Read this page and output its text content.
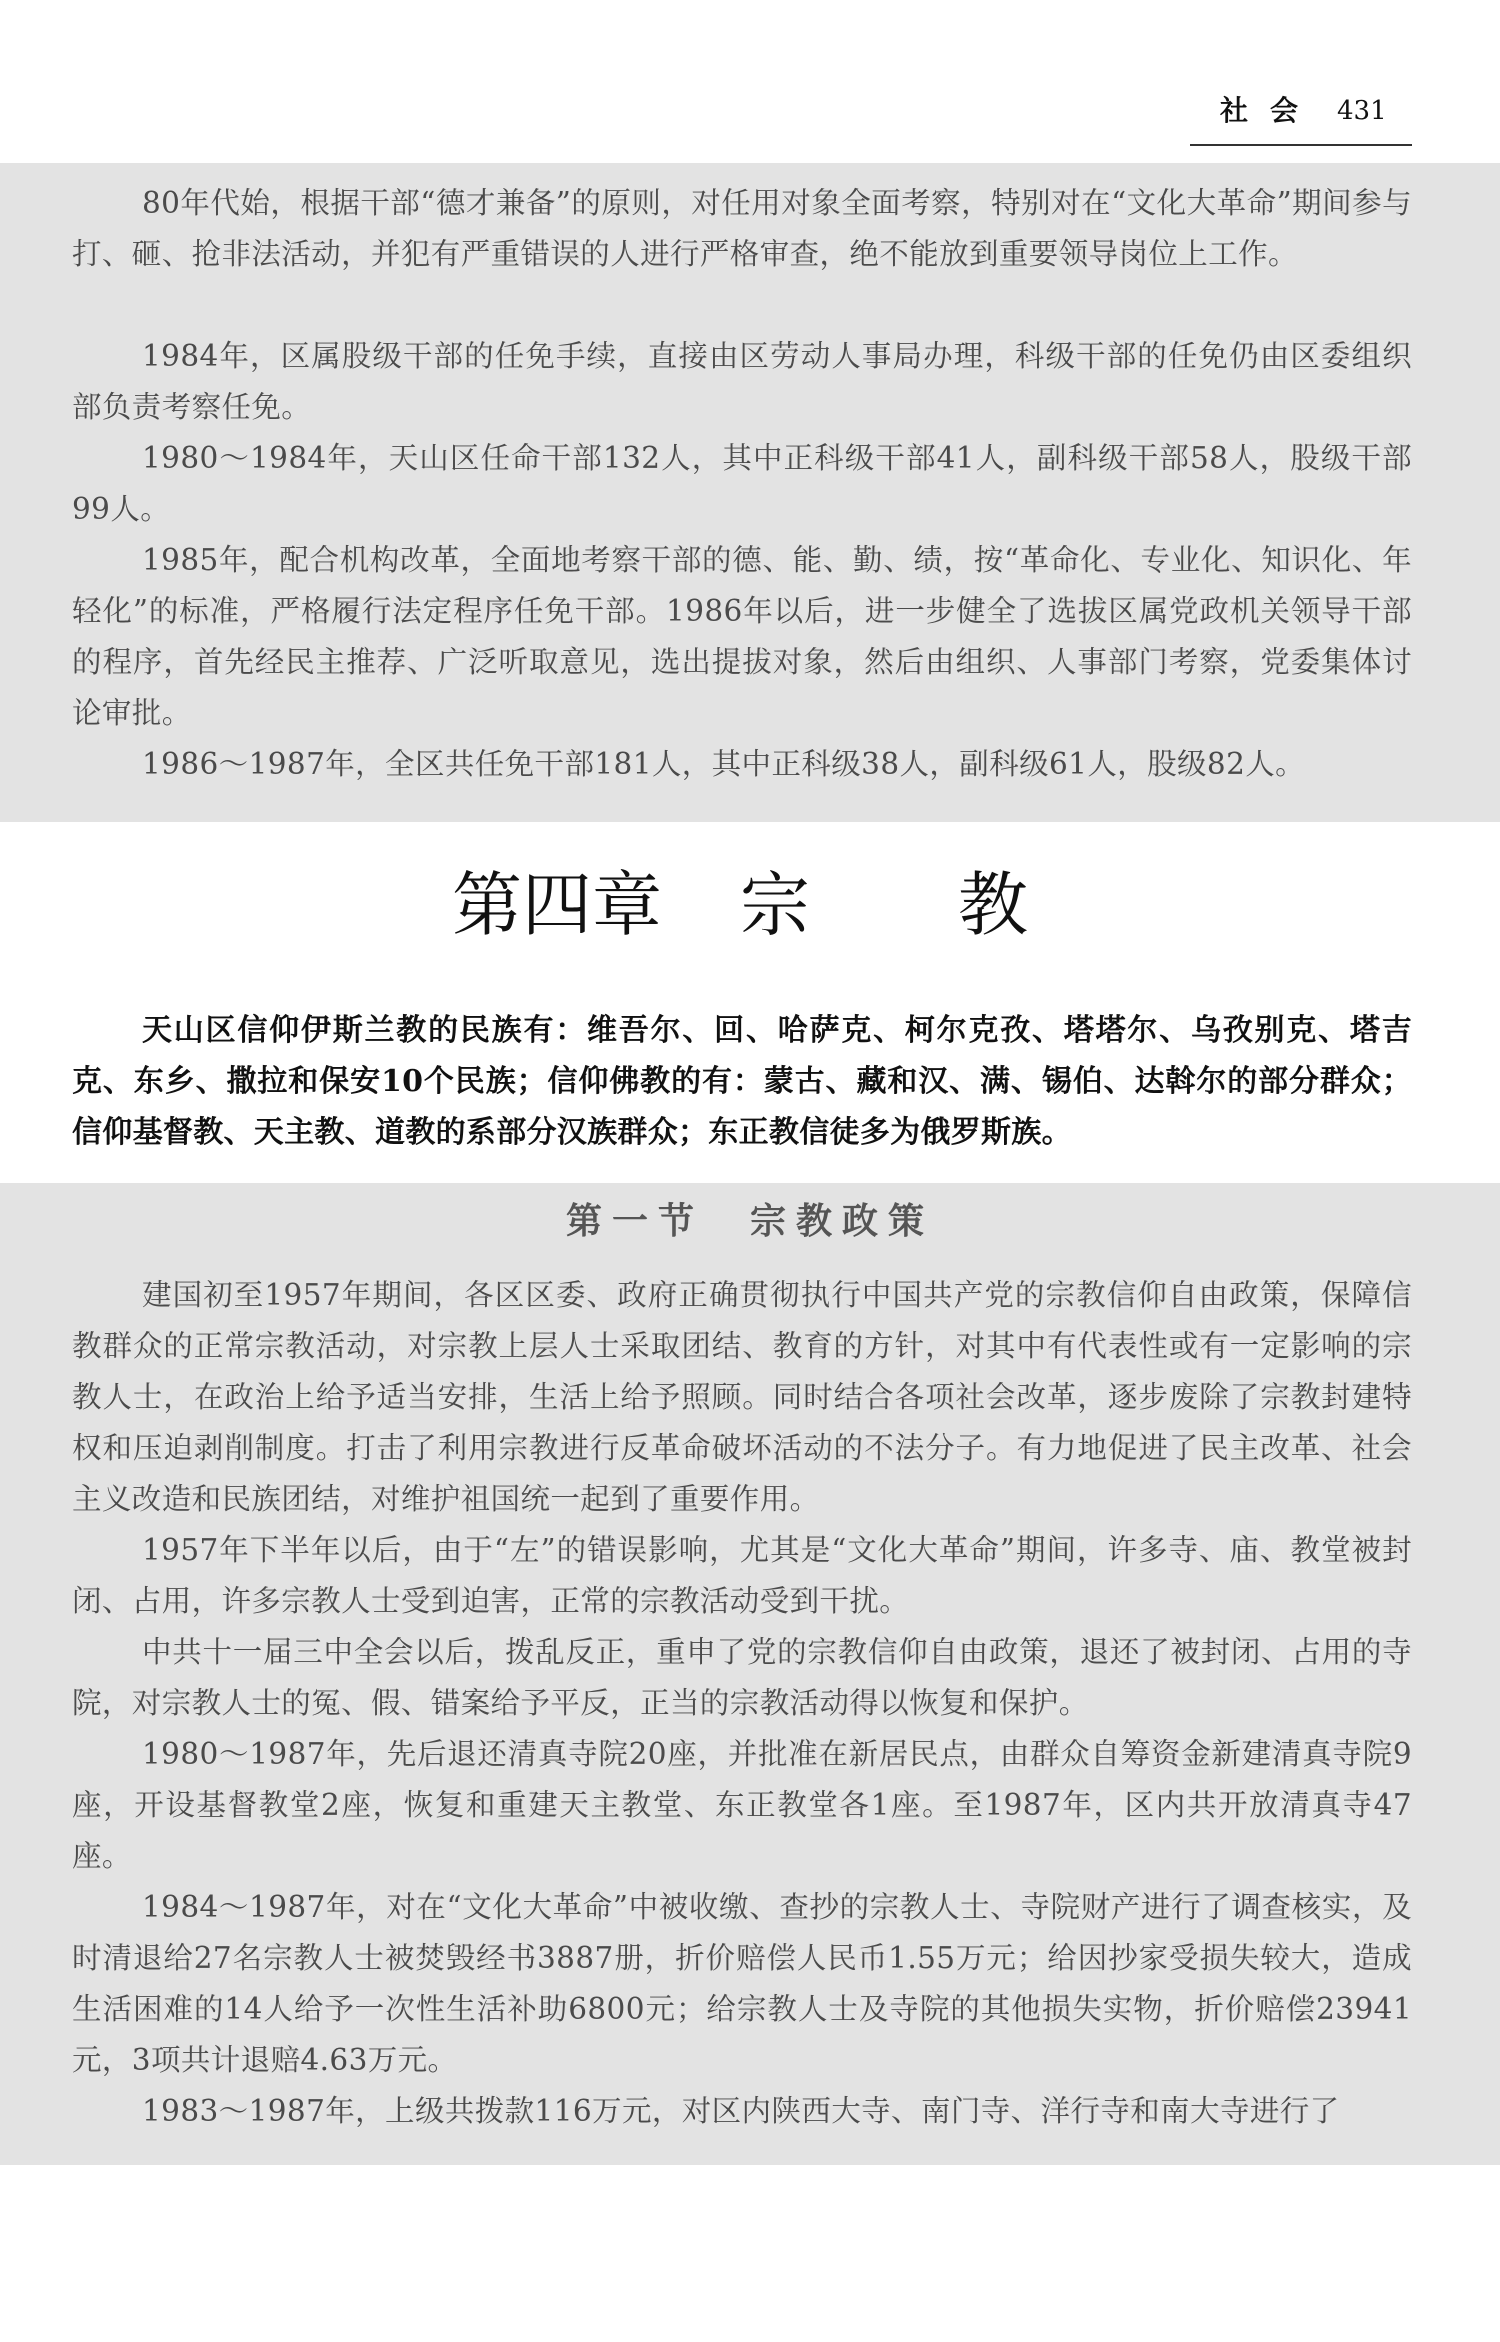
社会 431

80年代始，根据干部“德才兼备”的原则，对任用对象全面考察，特别对在“文化大革命”期间参与打、砸、抢非法活动，并犯有严重错误的人进行严格审查，绝不能放到重要领导岗位上工作。

1984年，区属股级干部的任免手续，直接由区劳动人事局办理，科级干部的任免仍由区委组织部负责考察任免。

1980～1984年，天山区任命干部132人，其中正科级干部41人，副科级干部58人，股级干部99人。

1985年，配合机构改革，全面地考察干部的德、能、勤、绩，按“革命化、专业化、知识化、年轻化”的标准，严格履行法定程序任免干部。1986年以后，进一步健全了选拔区属党政机关领导干部的程序，首先经民主推荐、广泛听取意见，选出提拔对象，然后由组织、人事部门考察，党委集体讨论审批。

1986～1987年，全区共任免干部181人，其中正科级38人，副科级61人，股级82人。

第四章 宗 教

天山区信仰伊斯兰教的民族有：维吾尔、回、哈萨克、柯尔克孜、塔塔尔、乌孜别克、塔吉克、东乡、撒拉和保安10个民族；信仰佛教的有：蒙古、藏和汉、满、锡伯、达斡尔的部分群众；信仰基督教、天主教、道教的系部分汉族群众；东正教信徒多为俄罗斯族。

第一节　宗教政策

建国初至1957年期间，各区区委、政府正确贯彻执行中国共产党的宗教信仰自由政策，保障信教群众的正常宗教活动，对宗教上层人士采取团结、教育的方针，对其中有代表性或有一定影响的宗教人士，在政治上给予适当安排，生活上给予照顾。同时结合各项社会改革，逐步废除了宗教封建特权和压迫剥削制度。打击了利用宗教进行反革命破坏活动的不法分子。有力地促进了民主改革、社会主义改造和民族团结，对维护祖国统一起到了重要作用。

1957年下半年以后，由于“左”的错误影响，尤其是“文化大革命”期间，许多寺、庙、教堂被封闭、占用，许多宗教人士受到迫害，正常的宗教活动受到干扰。

中共十一届三中全会以后，拨乱反正，重申了党的宗教信仰自由政策，退还了被封闭、占用的寺院，对宗教人士的冤、假、错案给予平反，正当的宗教活动得以恢复和保护。

1980～1987年，先后退还清真寺院20座，并批准在新居民点，由群众自筹资金新建清真寺院9座，开设基督教堂2座，恢复和重建天主教堂、东正教堂各1座。至1987年，区内共开放清真寺47座。

1984～1987年，对在“文化大革命”中被收缴、查抄的宗教人士、寺院财产进行了调查核实，及时清退给27名宗教人士被焚毁经书3887册，折价赔偿人民币1.55万元；给因抄家受损失较大，造成生活困难的14人给予一次性生活补助6800元；给宗教人士及寺院的其他损失实物，折价赔偿23941元，3项共计退赔4.63万元。

1983～1987年，上级共拨款116万元，对区内陕西大寺、南门寺、洋行寺和南大寺进行了
